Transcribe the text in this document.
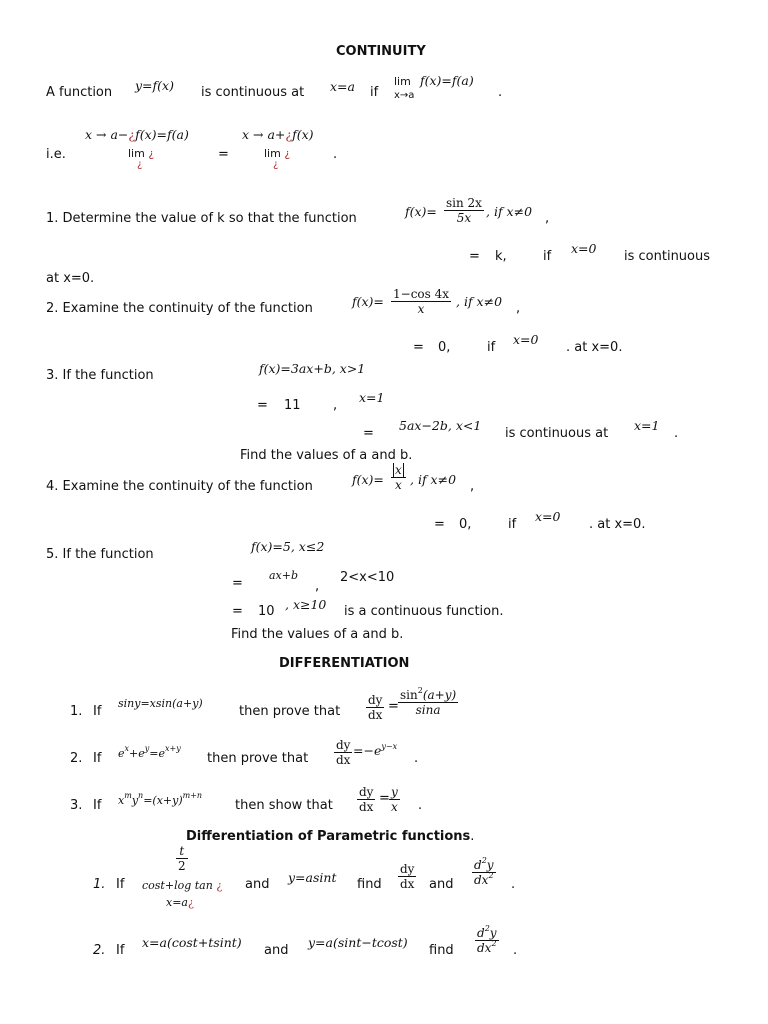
CONTINUITY
A function y=f(x) is continuous at x=a if
lim
x→a
f(x)=f(a)
.
i.e.
x → a−¿f(x)=f(a)
lim ¿
¿
=
x → a+¿f(x)
lim ¿
¿
.
1. Determine the value of k so that the function	$f(x)= \frac{\sin 2x}{5x}$ , if x≠0 ,
= k,	if
x=0
is continuous
at x=0.
2. Examine the continuity of the function	$f(x)= \frac{1-\cos 4x}{x}$ , if x≠0 ,
= 0,	if
x=0
. at x=0.
3. If the function	f(x)=3ax+b, x>1
= 11 ,
x=1
=
5ax−2b, x<1
is continuous at
x=1
.
Find the values of a and b.
4. Examine the continuity of the function	$f(x)= \frac{x}{x}$ , if x≠0 ,
= 0,	if
x=0
. at x=0.
5. If the function
f(x)=5, x≤2
=
ax+b
,
2<x<10
= 10 , x≥10 is a continuous function.
Find the values of a and b.
DIFFERENTIATION
1. If
siny=xsin(a+y)
then prove that $\frac{dy}{dx} = \frac{\sin^2(a+y)}{\sin a}$
2. If $e^x+e^y=e^{x+y}$
then prove that $\frac{dy}{dx} =-e^{y-x}$
.
3. If $x^my^n=(x+y)^{m+n}$
then show that $\frac{dy}{dx} = \frac{y}{x}$ .
Differentiation of Parametric functions.
1. If
$\frac{t}{2}$
cost+log tan ¿
x=a¿
and y=asint find $\frac{dy}{dx}$ and $\frac{d^2y}{dx^2}$ .
2. If
x=a(cost+tsint)
and
y=a(sint−tcost)
find $\frac{d^2y}{dx^2}$ .
